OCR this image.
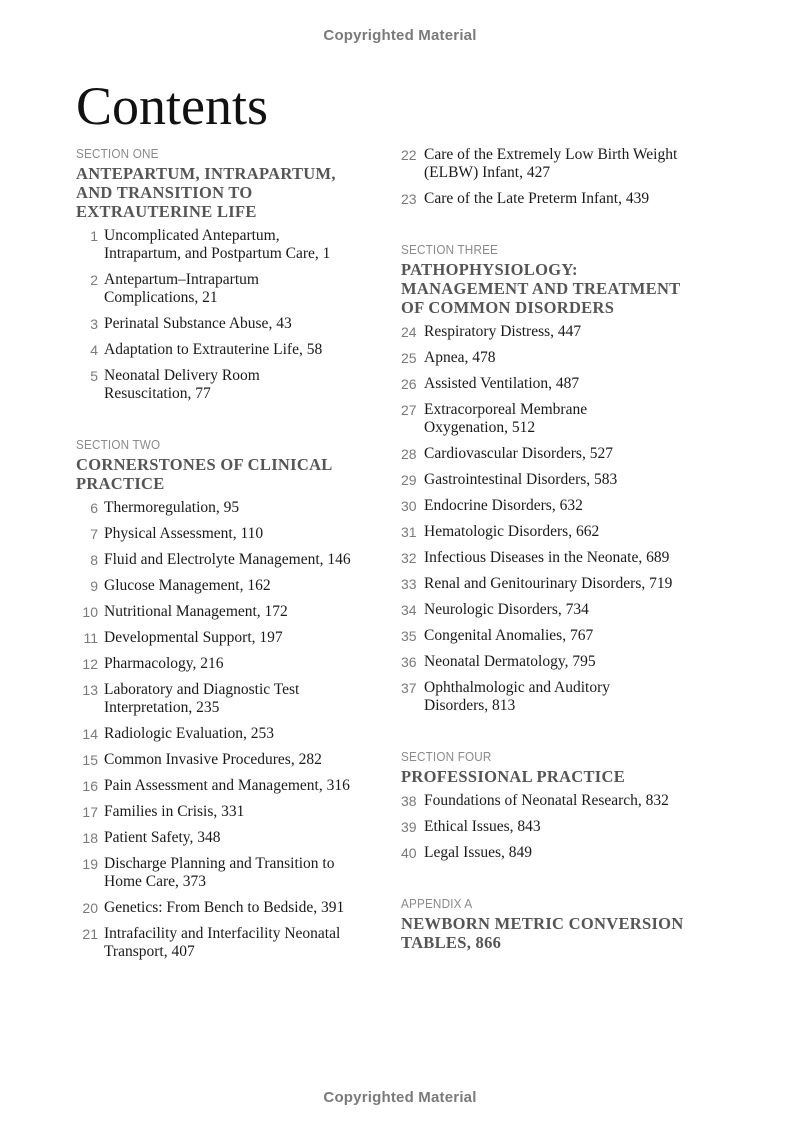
Copyrighted Material
Contents
SECTION ONE
ANTEPARTUM, INTRAPARTUM,
AND TRANSITION TO
EXTRAUTERINE LIFE
1 Uncomplicated Antepartum,
Intrapartum, and Postpartum Care, 1
2 Antepartum–Intrapartum
Complications, 21
3 Perinatal Substance Abuse, 43
4 Adaptation to Extrauterine Life, 58
5 Neonatal Delivery Room
Resuscitation, 77
SECTION TWO
CORNERSTONES OF CLINICAL
PRACTICE
6 Thermoregulation, 95
7 Physical Assessment, 110
8 Fluid and Electrolyte Management, 146
9 Glucose Management, 162
10 Nutritional Management, 172
11 Developmental Support, 197
12 Pharmacology, 216
13 Laboratory and Diagnostic Test
Interpretation, 235
14 Radiologic Evaluation, 253
15 Common Invasive Procedures, 282
16 Pain Assessment and Management, 316
17 Families in Crisis, 331
18 Patient Safety, 348
19 Discharge Planning and Transition to
Home Care, 373
20 Genetics: From Bench to Bedside, 391
21 Intrafacility and Interfacility Neonatal
Transport, 407
22 Care of the Extremely Low Birth Weight
(ELBW) Infant, 427
23 Care of the Late Preterm Infant, 439
SECTION THREE
PATHOPHYSIOLOGY:
MANAGEMENT AND TREATMENT
OF COMMON DISORDERS
24 Respiratory Distress, 447
25 Apnea, 478
26 Assisted Ventilation, 487
27 Extracorporeal Membrane
Oxygenation, 512
28 Cardiovascular Disorders, 527
29 Gastrointestinal Disorders, 583
30 Endocrine Disorders, 632
31 Hematologic Disorders, 662
32 Infectious Diseases in the Neonate, 689
33 Renal and Genitourinary Disorders, 719
34 Neurologic Disorders, 734
35 Congenital Anomalies, 767
36 Neonatal Dermatology, 795
37 Ophthalmologic and Auditory
Disorders, 813
SECTION FOUR
PROFESSIONAL PRACTICE
38 Foundations of Neonatal Research, 832
39 Ethical Issues, 843
40 Legal Issues, 849
APPENDIX A
NEWBORN METRIC CONVERSION
TABLES, 866
Copyrighted Material
